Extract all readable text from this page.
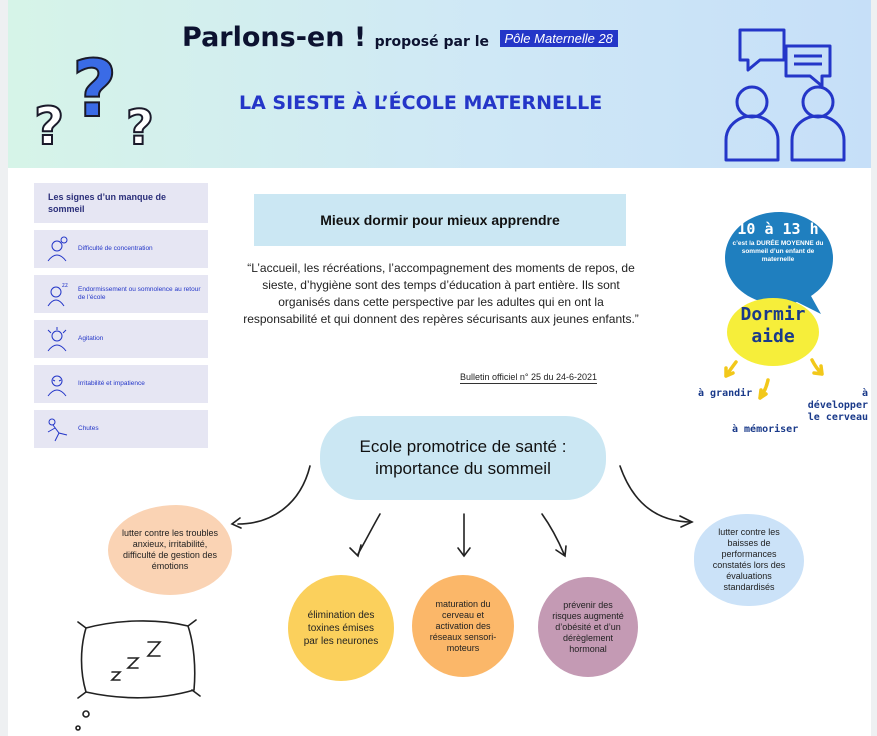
?
? ?
Parlons-en ! proposé par le Pôle Maternelle 28
LA SIESTE À L’ÉCOLE MATERNELLE
Les signes d’un manque de sommeil
Difficulté de concentration
zz Endormissement ou somnolence au retour de l’école
Agitation
Irritabilité et impatience
Chutes
Mieux dormir pour mieux apprendre
“L’accueil, les récréations, l’accompagnement des moments de repos, de sieste, d’hygiène sont des temps d’éducation à part entière. Ils sont organisés dans cette perspective par les adultes qui en ont la responsabilité et qui donnent des repères sécurisants aux jeunes enfants.”
Bulletin officiel n° 25 du 24-6-2021
10 à 13 h
c’est la DURÉE MOYENNE du sommeil d’un enfant de maternelle
Dormir aide
à grandir	à développer le cerveau
à mémoriser
Ecole promotrice de santé : importance du sommeil
lutter contre les troubles anxieux, irritabilité, difficulté de gestion des émotions
lutter contre les baisses de performances constatés lors des évaluations standardisés
élimination des toxines émises par les neurones
maturation du cerveau et activation des réseaux sensori-moteurs
prévenir des risques augmenté d’obésité et d’un dérèglement hormonal
